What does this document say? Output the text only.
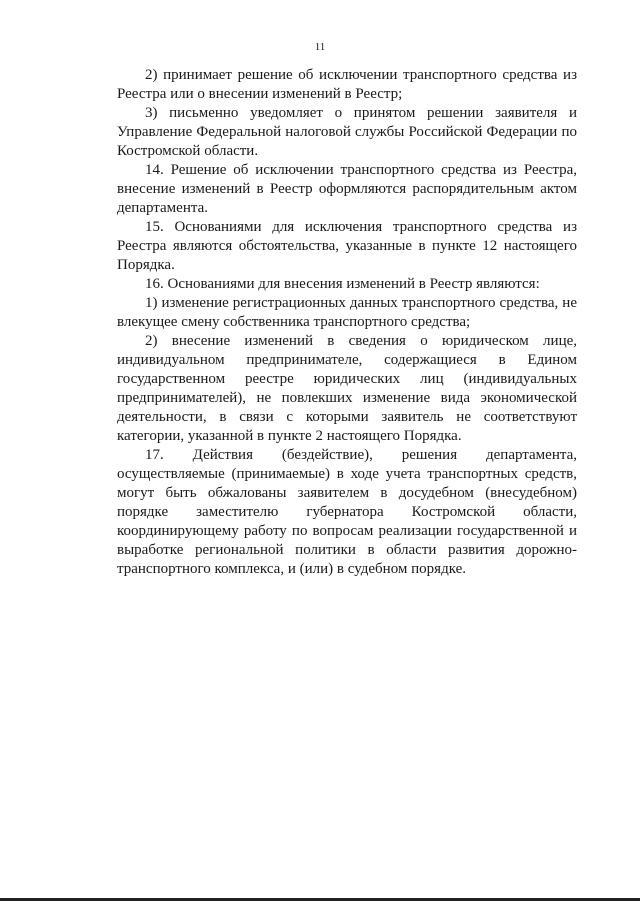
11

2) принимает решение об исключении транспортного средства из Реестра или о внесении изменений в Реестр;

3) письменно уведомляет о принятом решении заявителя и Управление Федеральной налоговой службы Российской Федерации по Костромской области.

14. Решение об исключении транспортного средства из Реестра, внесение изменений в Реестр оформляются распорядительным актом департамента.

15. Основаниями для исключения транспортного средства из Реестра являются обстоятельства, указанные в пункте 12 настоящего Порядка.

16. Основаниями для внесения изменений в Реестр являются:

1) изменение регистрационных данных транспортного средства, не влекущее смену собственника транспортного средства;

2) внесение изменений в сведения о юридическом лице, индивидуальном предпринимателе, содержащиеся в Едином государственном реестре юридических лиц (индивидуальных предпринимателей), не повлекших изменение вида экономической деятельности, в связи с которыми заявитель не соответствуют категории, указанной в пункте 2 настоящего Порядка.

17. Действия (бездействие), решения департамента, осуществляемые (принимаемые) в ходе учета транспортных средств, могут быть обжалованы заявителем в досудебном (внесудебном) порядке заместителю губернатора Костромской области, координирующему работу по вопросам реализации государственной и выработке региональной политики в области развития дорожно-транспортного комплекса, и (или) в судебном порядке.
